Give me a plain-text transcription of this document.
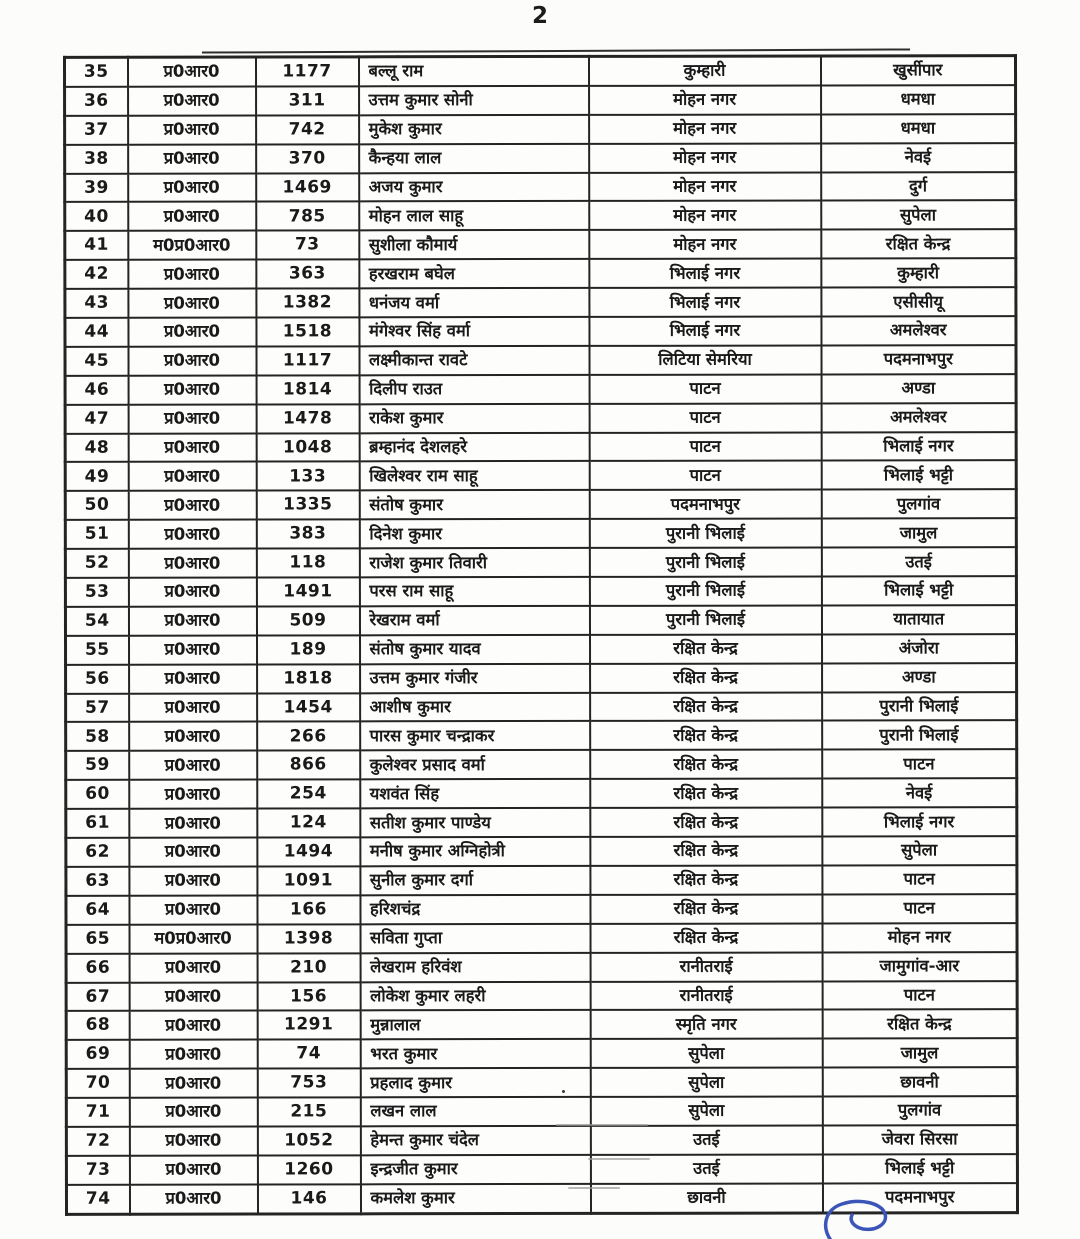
2
35	प्र0आर0	1177	बल्लू राम	कुम्हारी	खुर्सीपार
36	प्र0आर0	311	उत्तम कुमार सोनी	मोहन नगर	धमधा
37	प्र0आर0	742	मुकेश कुमार	मोहन नगर	धमधा
38	प्र0आर0	370	कैन्हया लाल	मोहन नगर	नेवई
39	प्र0आर0	1469	अजय कुमार	मोहन नगर	दुर्ग
40	प्र0आर0	785	मोहन लाल साहू	मोहन नगर	सुपेला
41	म0प्र0आर0	73	सुशीला कौमार्य	मोहन नगर	रक्षित केन्द्र
42	प्र0आर0	363	हरखराम बघेल	भिलाई नगर	कुम्हारी
43	प्र0आर0	1382	धनंजय वर्मा	भिलाई नगर	एसीसीयू
44	प्र0आर0	1518	मंगेश्वर सिंह वर्मा	भिलाई नगर	अमलेश्वर
45	प्र0आर0	1117	लक्ष्मीकान्त रावटे	लिटिया सेमरिया	पदमनाभपुर
46	प्र0आर0	1814	दिलीप राउत	पाटन	अण्डा
47	प्र0आर0	1478	राकेश कुमार	पाटन	अमलेश्वर
48	प्र0आर0	1048	ब्रम्हानंद देशलहरे	पाटन	भिलाई नगर
49	प्र0आर0	133	खिलेश्वर राम साहू	पाटन	भिलाई भट्टी
50	प्र0आर0	1335	संतोष कुमार	पदमनाभपुर	पुलगांव
51	प्र0आर0	383	दिनेश कुमार	पुरानी भिलाई	जामुल
52	प्र0आर0	118	राजेश कुमार तिवारी	पुरानी भिलाई	उतई
53	प्र0आर0	1491	परस राम साहू	पुरानी भिलाई	भिलाई भट्टी
54	प्र0आर0	509	रेखराम वर्मा	पुरानी भिलाई	यातायात
55	प्र0आर0	189	संतोष कुमार यादव	रक्षित केन्द्र	अंजोरा
56	प्र0आर0	1818	उत्तम कुमार गंजीर	रक्षित केन्द्र	अण्डा
57	प्र0आर0	1454	आशीष कुमार	रक्षित केन्द्र	पुरानी भिलाई
58	प्र0आर0	266	पारस कुमार चन्द्राकर	रक्षित केन्द्र	पुरानी भिलाई
59	प्र0आर0	866	कुलेश्वर प्रसाद वर्मा	रक्षित केन्द्र	पाटन
60	प्र0आर0	254	यशवंत सिंह	रक्षित केन्द्र	नेवई
61	प्र0आर0	124	सतीश कुमार पाण्डेय	रक्षित केन्द्र	भिलाई नगर
62	प्र0आर0	1494	मनीष कुमार अग्निहोत्री	रक्षित केन्द्र	सुपेला
63	प्र0आर0	1091	सुनील कुमार दर्गा	रक्षित केन्द्र	पाटन
64	प्र0आर0	166	हरिशचंद्र	रक्षित केन्द्र	पाटन
65	म0प्र0आर0	1398	सविता गुप्ता	रक्षित केन्द्र	मोहन नगर
66	प्र0आर0	210	लेखराम हरिवंश	रानीतराई	जामुगांव-आर
67	प्र0आर0	156	लोकेश कुमार लहरी	रानीतराई	पाटन
68	प्र0आर0	1291	मुन्नालाल	स्मृति नगर	रक्षित केन्द्र
69	प्र0आर0	74	भरत कुमार	सुपेला	जामुल
70	प्र0आर0	753	प्रहलाद कुमार	सुपेला	छावनी
71	प्र0आर0	215	लखन लाल	सुपेला	पुलगांव
72	प्र0आर0	1052	हेमन्त कुमार चंदेल	उतई	जेवरा सिरसा
73	प्र0आर0	1260	इन्द्रजीत कुमार	उतई	भिलाई भट्टी
74	प्र0आर0	146	कमलेश कुमार	छावनी	पदमनाभपुर
